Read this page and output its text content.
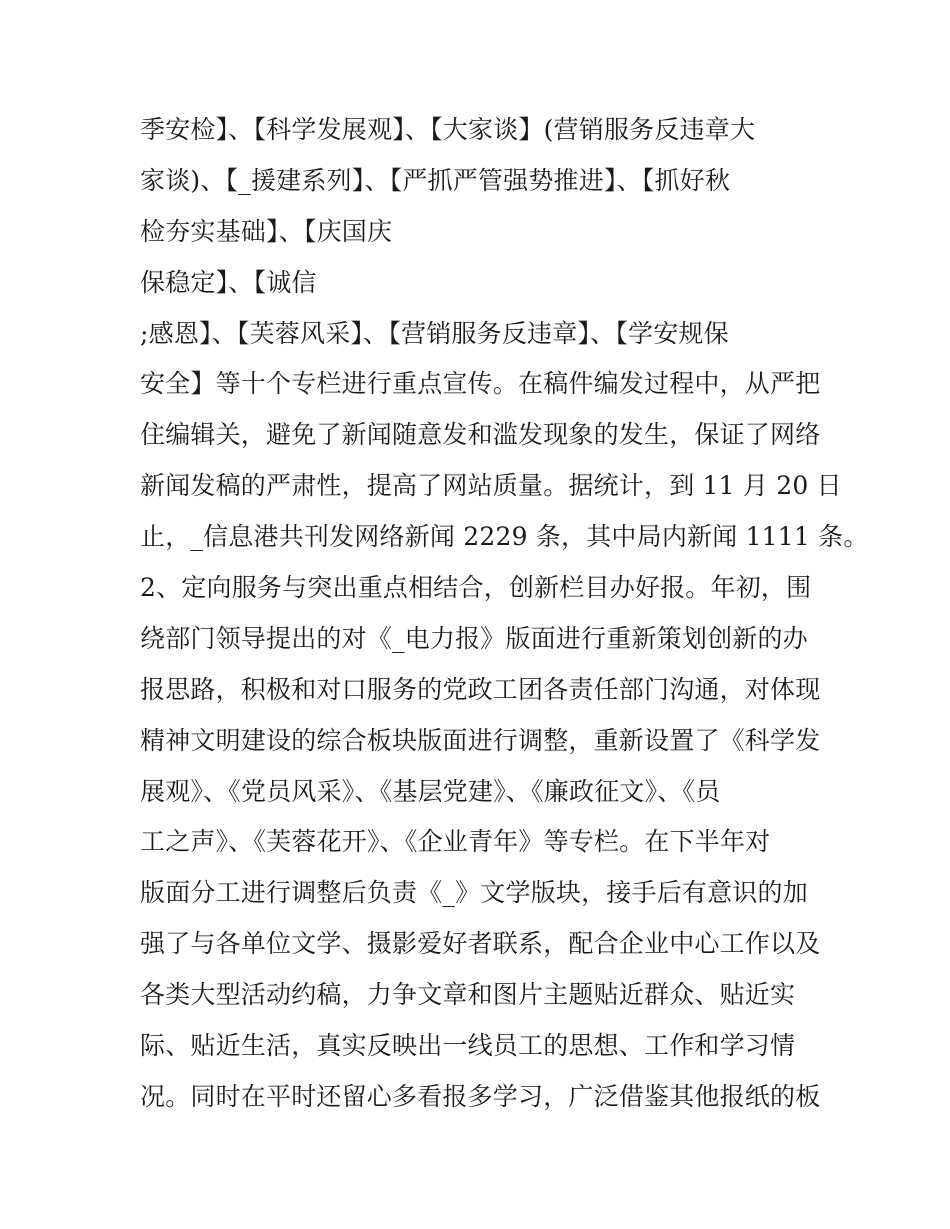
季安检】、【科学发展观】、【大家谈】(营销服务反违章大
家谈)、【_援建系列】、【严抓严管强势推进】、【抓好秋
检夯实基础】、【庆国庆
保稳定】、【诚信
;感恩】、【芙蓉风采】、【营销服务反违章】、【学安规保
安全】等十个专栏进行重点宣传。在稿件编发过程中，从严把
住编辑关，避免了新闻随意发和滥发现象的发生，保证了网络
新闻发稿的严肃性，提高了网站质量。据统计，到 11 月 20 日
止，_信息港共刊发网络新闻 2229 条，其中局内新闻 1111 条。
2、定向服务与突出重点相结合，创新栏目办好报。年初，围
绕部门领导提出的对《_电力报》版面进行重新策划创新的办
报思路，积极和对口服务的党政工团各责任部门沟通，对体现
精神文明建设的综合板块版面进行调整，重新设置了《科学发
展观》、《党员风采》、《基层党建》、《廉政征文》、《员
工之声》、《芙蓉花开》、《企业青年》等专栏。在下半年对
版面分工进行调整后负责《_》文学版块，接手后有意识的加
强了与各单位文学、摄影爱好者联系，配合企业中心工作以及
各类大型活动约稿，力争文章和图片主题贴近群众、贴近实
际、贴近生活，真实反映出一线员工的思想、工作和学习情
况。同时在平时还留心多看报多学习，广泛借鉴其他报纸的板
